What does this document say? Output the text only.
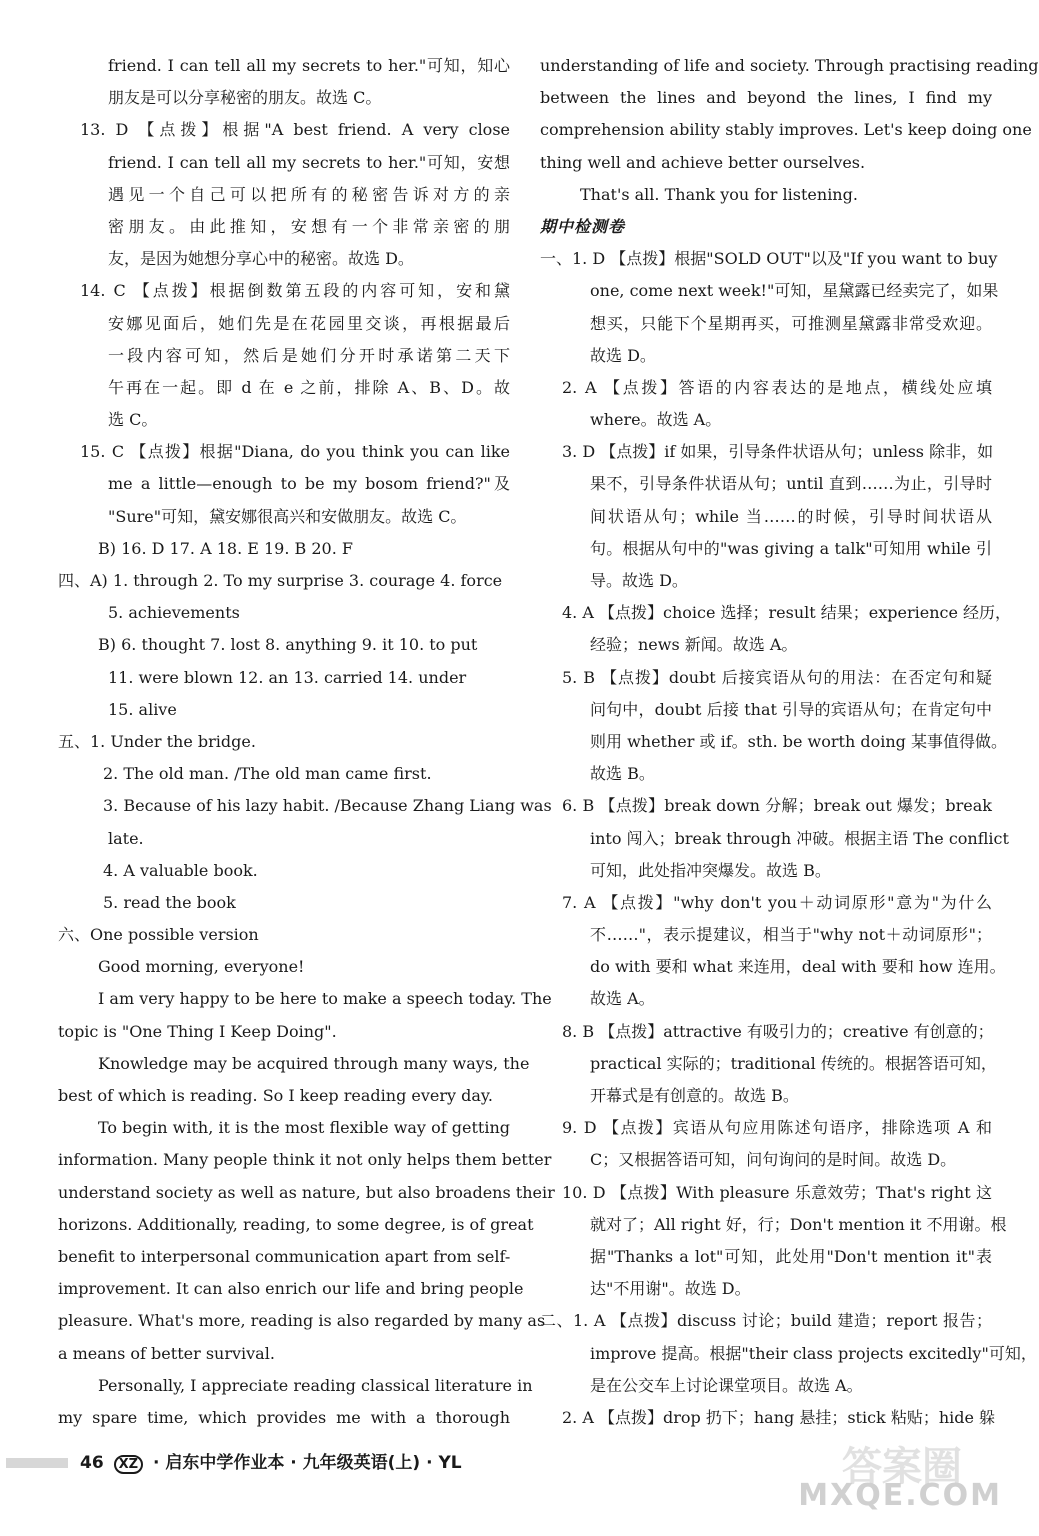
friend. I can tell all my secrets to her."可知，知心
朋友是可以分享秘密的朋友。故选 C。
13. D 【点拨】根据"A best friend. A very close
friend. I can tell all my secrets to her."可知，安想
遇见一个自己可以把所有的秘密告诉对方的亲
密朋友。由此推知，安想有一个非常亲密的朋
友，是因为她想分享心中的秘密。故选 D。
14. C 【点拨】根据倒数第五段的内容可知，安和黛
安娜见面后，她们先是在花园里交谈，再根据最后
一段内容可知，然后是她们分开时承诺第二天下
午再在一起。即 d 在 e 之前，排除 A、B、D。故
选 C。
15. C 【点拨】根据"Diana, do you think you can like
me a little—enough to be my bosom friend?"及
"Sure"可知，黛安娜很高兴和安做朋友。故选 C。
B) 16. D 17. A 18. E 19. B 20. F
四、A) 1. through 2. To my surprise 3. courage 4. force
5. achievements
B) 6. thought 7. lost 8. anything 9. it 10. to put
11. were blown 12. an 13. carried 14. under
15. alive
五、1. Under the bridge.
2. The old man. /The old man came first.
3. Because of his lazy habit. /Because Zhang Liang was
late.
4. A valuable book.
5. read the book
六、One possible version
Good morning, everyone!
I am very happy to be here to make a speech today. The
topic is "One Thing I Keep Doing".
Knowledge may be acquired through many ways, the
best of which is reading. So I keep reading every day.
To begin with, it is the most flexible way of getting
information. Many people think it not only helps them better
understand society as well as nature, but also broadens their
horizons. Additionally, reading, to some degree, is of great
benefit to interpersonal communication apart from self-
improvement. It can also enrich our life and bring people
pleasure. What's more, reading is also regarded by many as
a means of better survival.
Personally, I appreciate reading classical literature in
my spare time, which provides me with a thorough
understanding of life and society. Through practising reading
between the lines and beyond the lines, I find my
comprehension ability stably improves. Let's keep doing one
thing well and achieve better ourselves.
That's all. Thank you for listening.
期中检测卷
一、1. D 【点拨】根据"SOLD OUT"以及"If you want to buy
one, come next week!"可知，星黛露已经卖完了，如果
想买，只能下个星期再买，可推测星黛露非常受欢迎。
故选 D。
2. A 【点拨】答语的内容表达的是地点，横线处应填
where。故选 A。
3. D 【点拨】if 如果，引导条件状语从句；unless 除非，如
果不，引导条件状语从句；until 直到……为止，引导时
间状语从句；while 当……的时候，引导时间状语从
句。根据从句中的"was giving a talk"可知用 while 引
导。故选 D。
4. A 【点拨】choice 选择；result 结果；experience 经历，
经验；news 新闻。故选 A。
5. B 【点拨】doubt 后接宾语从句的用法：在否定句和疑
问句中，doubt 后接 that 引导的宾语从句；在肯定句中
则用 whether 或 if。sth. be worth doing 某事值得做。
故选 B。
6. B 【点拨】break down 分解；break out 爆发；break
into 闯入；break through 冲破。根据主语 The conflict
可知，此处指冲突爆发。故选 B。
7. A 【点拨】"why don't you＋动词原形"意为"为什么
不……"，表示提建议，相当于"why not＋动词原形"；
do with 要和 what 来连用，deal with 要和 how 连用。
故选 A。
8. B 【点拨】attractive 有吸引力的；creative 有创意的；
practical 实际的；traditional 传统的。根据答语可知，
开幕式是有创意的。故选 B。
9. D 【点拨】宾语从句应用陈述句语序，排除选项 A 和
C；又根据答语可知，问句询问的是时间。故选 D。
10. D 【点拨】With pleasure 乐意效劳；That's right 这
就对了；All right 好，行；Don't mention it 不用谢。根
据"Thanks a lot"可知，此处用"Don't mention it"表
达"不用谢"。故选 D。
二、1. A 【点拨】discuss 讨论；build 建造；report 报告；
improve 提高。根据"their class projects excitedly"可知，
是在公交车上讨论课堂项目。故选 A。
2. A 【点拨】drop 扔下；hang 悬挂；stick 粘贴；hide 躲
46 XZ · 启东中学作业本 · 九年级英语(上) · YL	答案圈
MXQE.COM
